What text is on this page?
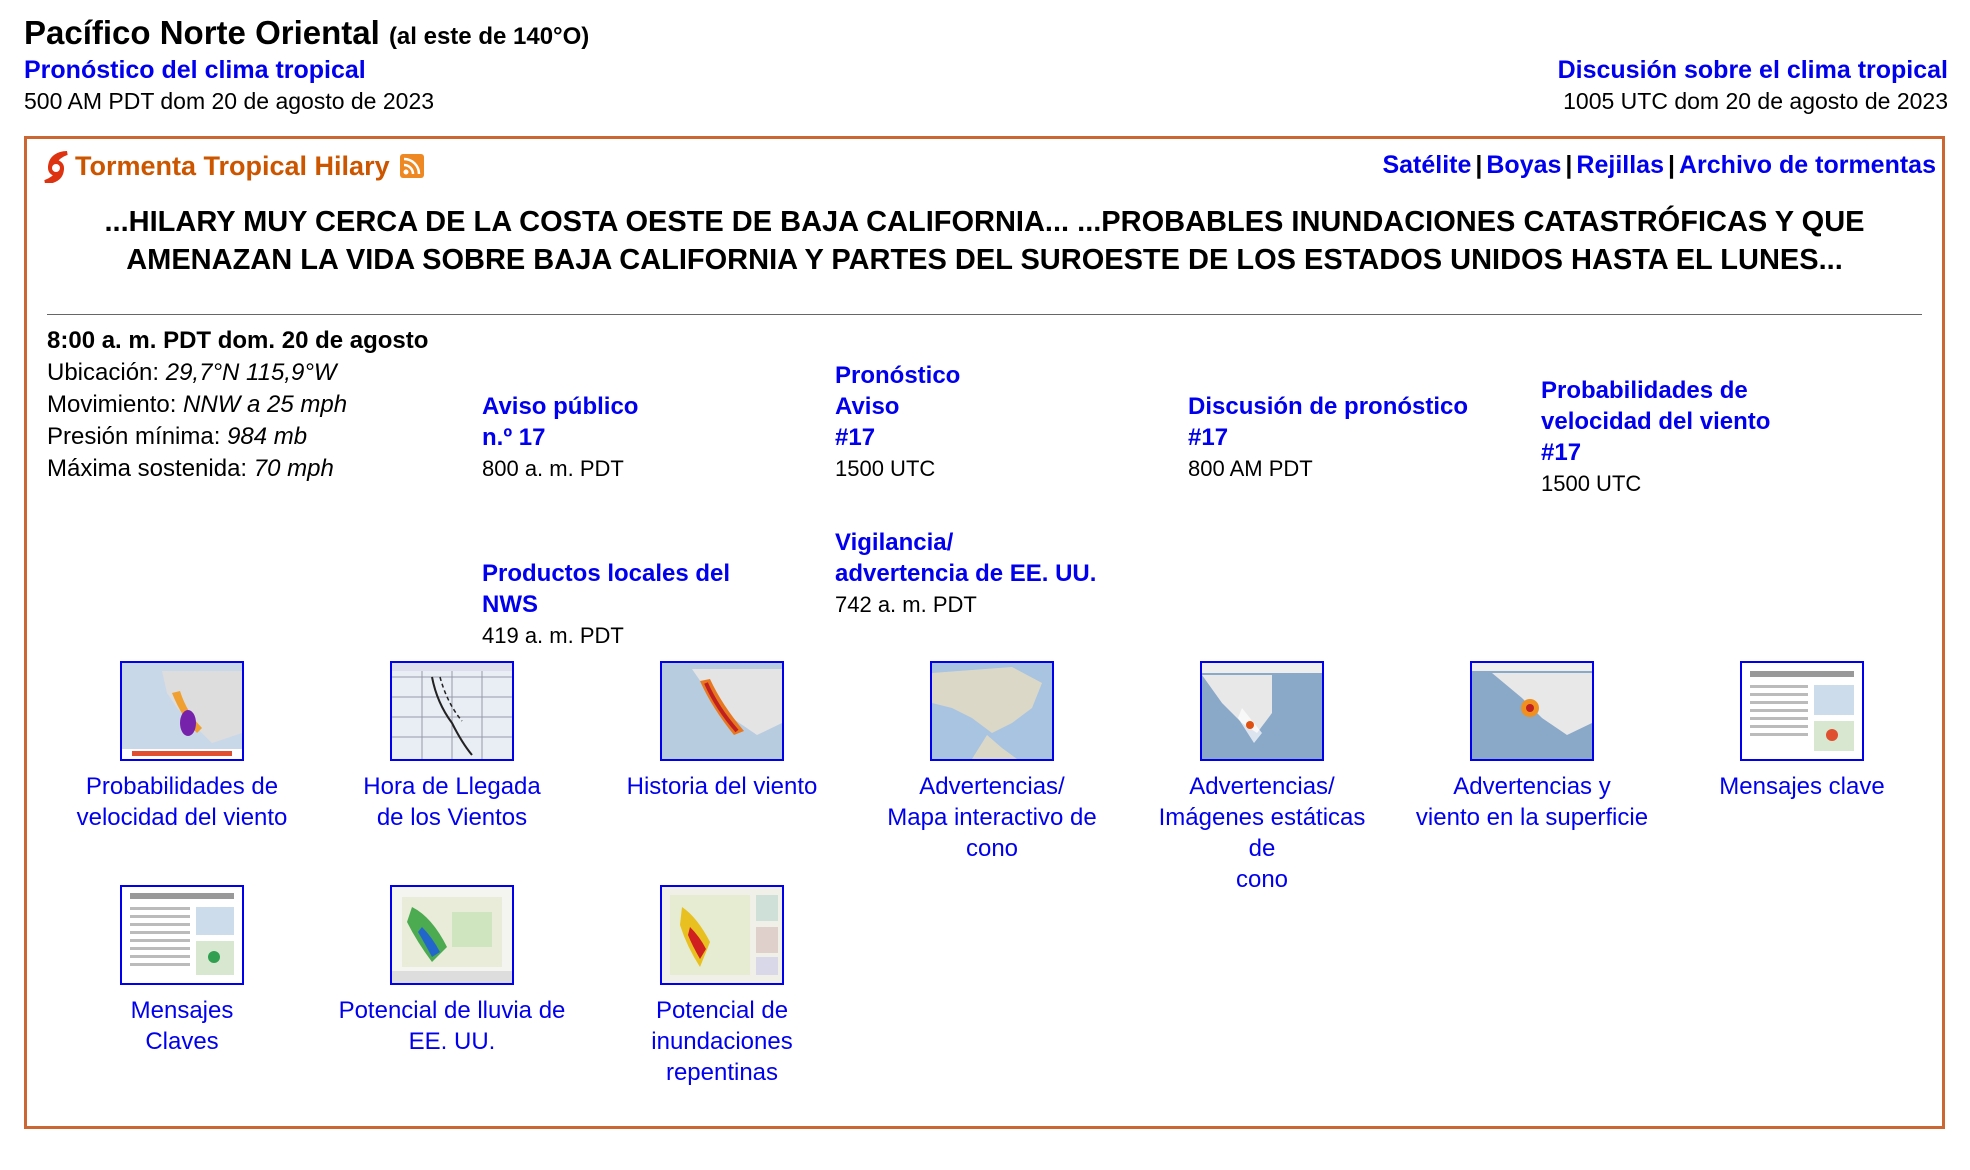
Pacífico Norte Oriental (al este de 140°O)
Pronóstico del clima tropical
500 AM PDT dom 20 de agosto de 2023
Discusión sobre el clima tropical
1005 UTC dom 20 de agosto de 2023
Tormenta Tropical Hilary	Satélite | Boyas | Rejillas | Archivo de tormentas
...HILARY MUY CERCA DE LA COSTA OESTE DE BAJA CALIFORNIA... ...PROBABLES INUNDACIONES CATASTRÓFICAS Y QUE AMENAZAN LA VIDA SOBRE BAJA CALIFORNIA Y PARTES DEL SUROESTE DE LOS ESTADOS UNIDOS HASTA EL LUNES...
8:00 a. m. PDT dom. 20 de agosto
Ubicación: 29,7°N 115,9°W
Movimiento: NNW a 25 mph
Presión mínima: 984 mb
Máxima sostenida: 70 mph
Aviso público
n.º 17
800 a. m. PDT
Pronóstico
Aviso
#17
1500 UTC
Discusión de pronóstico
#17
800 AM PDT
Probabilidades de
velocidad del viento
#17
1500 UTC
Productos locales del
NWS
419 a. m. PDT
Vigilancia/
advertencia de EE. UU.
742 a. m. PDT
Probabilidades de
velocidad del viento
Hora de Llegada
de los Vientos
Historia del viento	Advertencias/
Mapa interactivo de
cono
Advertencias/
Imágenes estáticas de
cono
Advertencias y
viento en la superficie
Mensajes clave
Mensajes
Claves
Potencial de lluvia de
EE. UU.
Potencial de
inundaciones
repentinas
